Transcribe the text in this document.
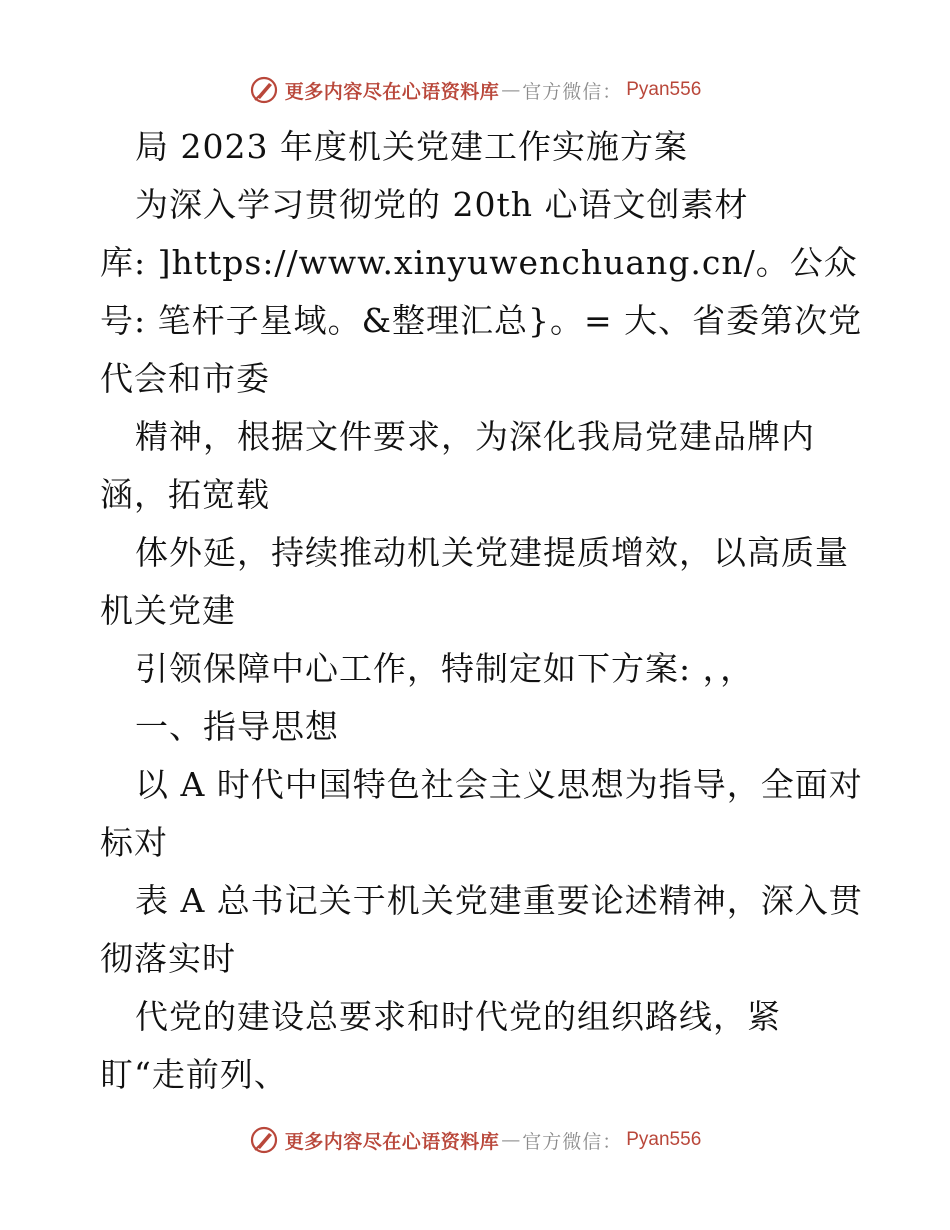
更多内容尽在心语资料库 — 官方微信： Pyan556
局 2023 年度机关党建工作实施方案
为深入学习贯彻党的 20th 心语文创素材
库: ]https://www.xinyuwenchuang.cn/。公众
号: 笔杆子星域。&整理汇总}。= 大、省委第次党
代会和市委
精神，根据文件要求，为深化我局党建品牌内
涵，拓宽载
体外延，持续推动机关党建提质增效，以高质量
机关党建
引领保障中心工作，特制定如下方案: ，，
一、指导思想
以 A 时代中国特色社会主义思想为指导，全面对
标对
表 A 总书记关于机关党建重要论述精神，深入贯
彻落实时
代党的建设总要求和时代党的组织路线，紧
盯“走前列、
更多内容尽在心语资料库 — 官方微信： Pyan556
